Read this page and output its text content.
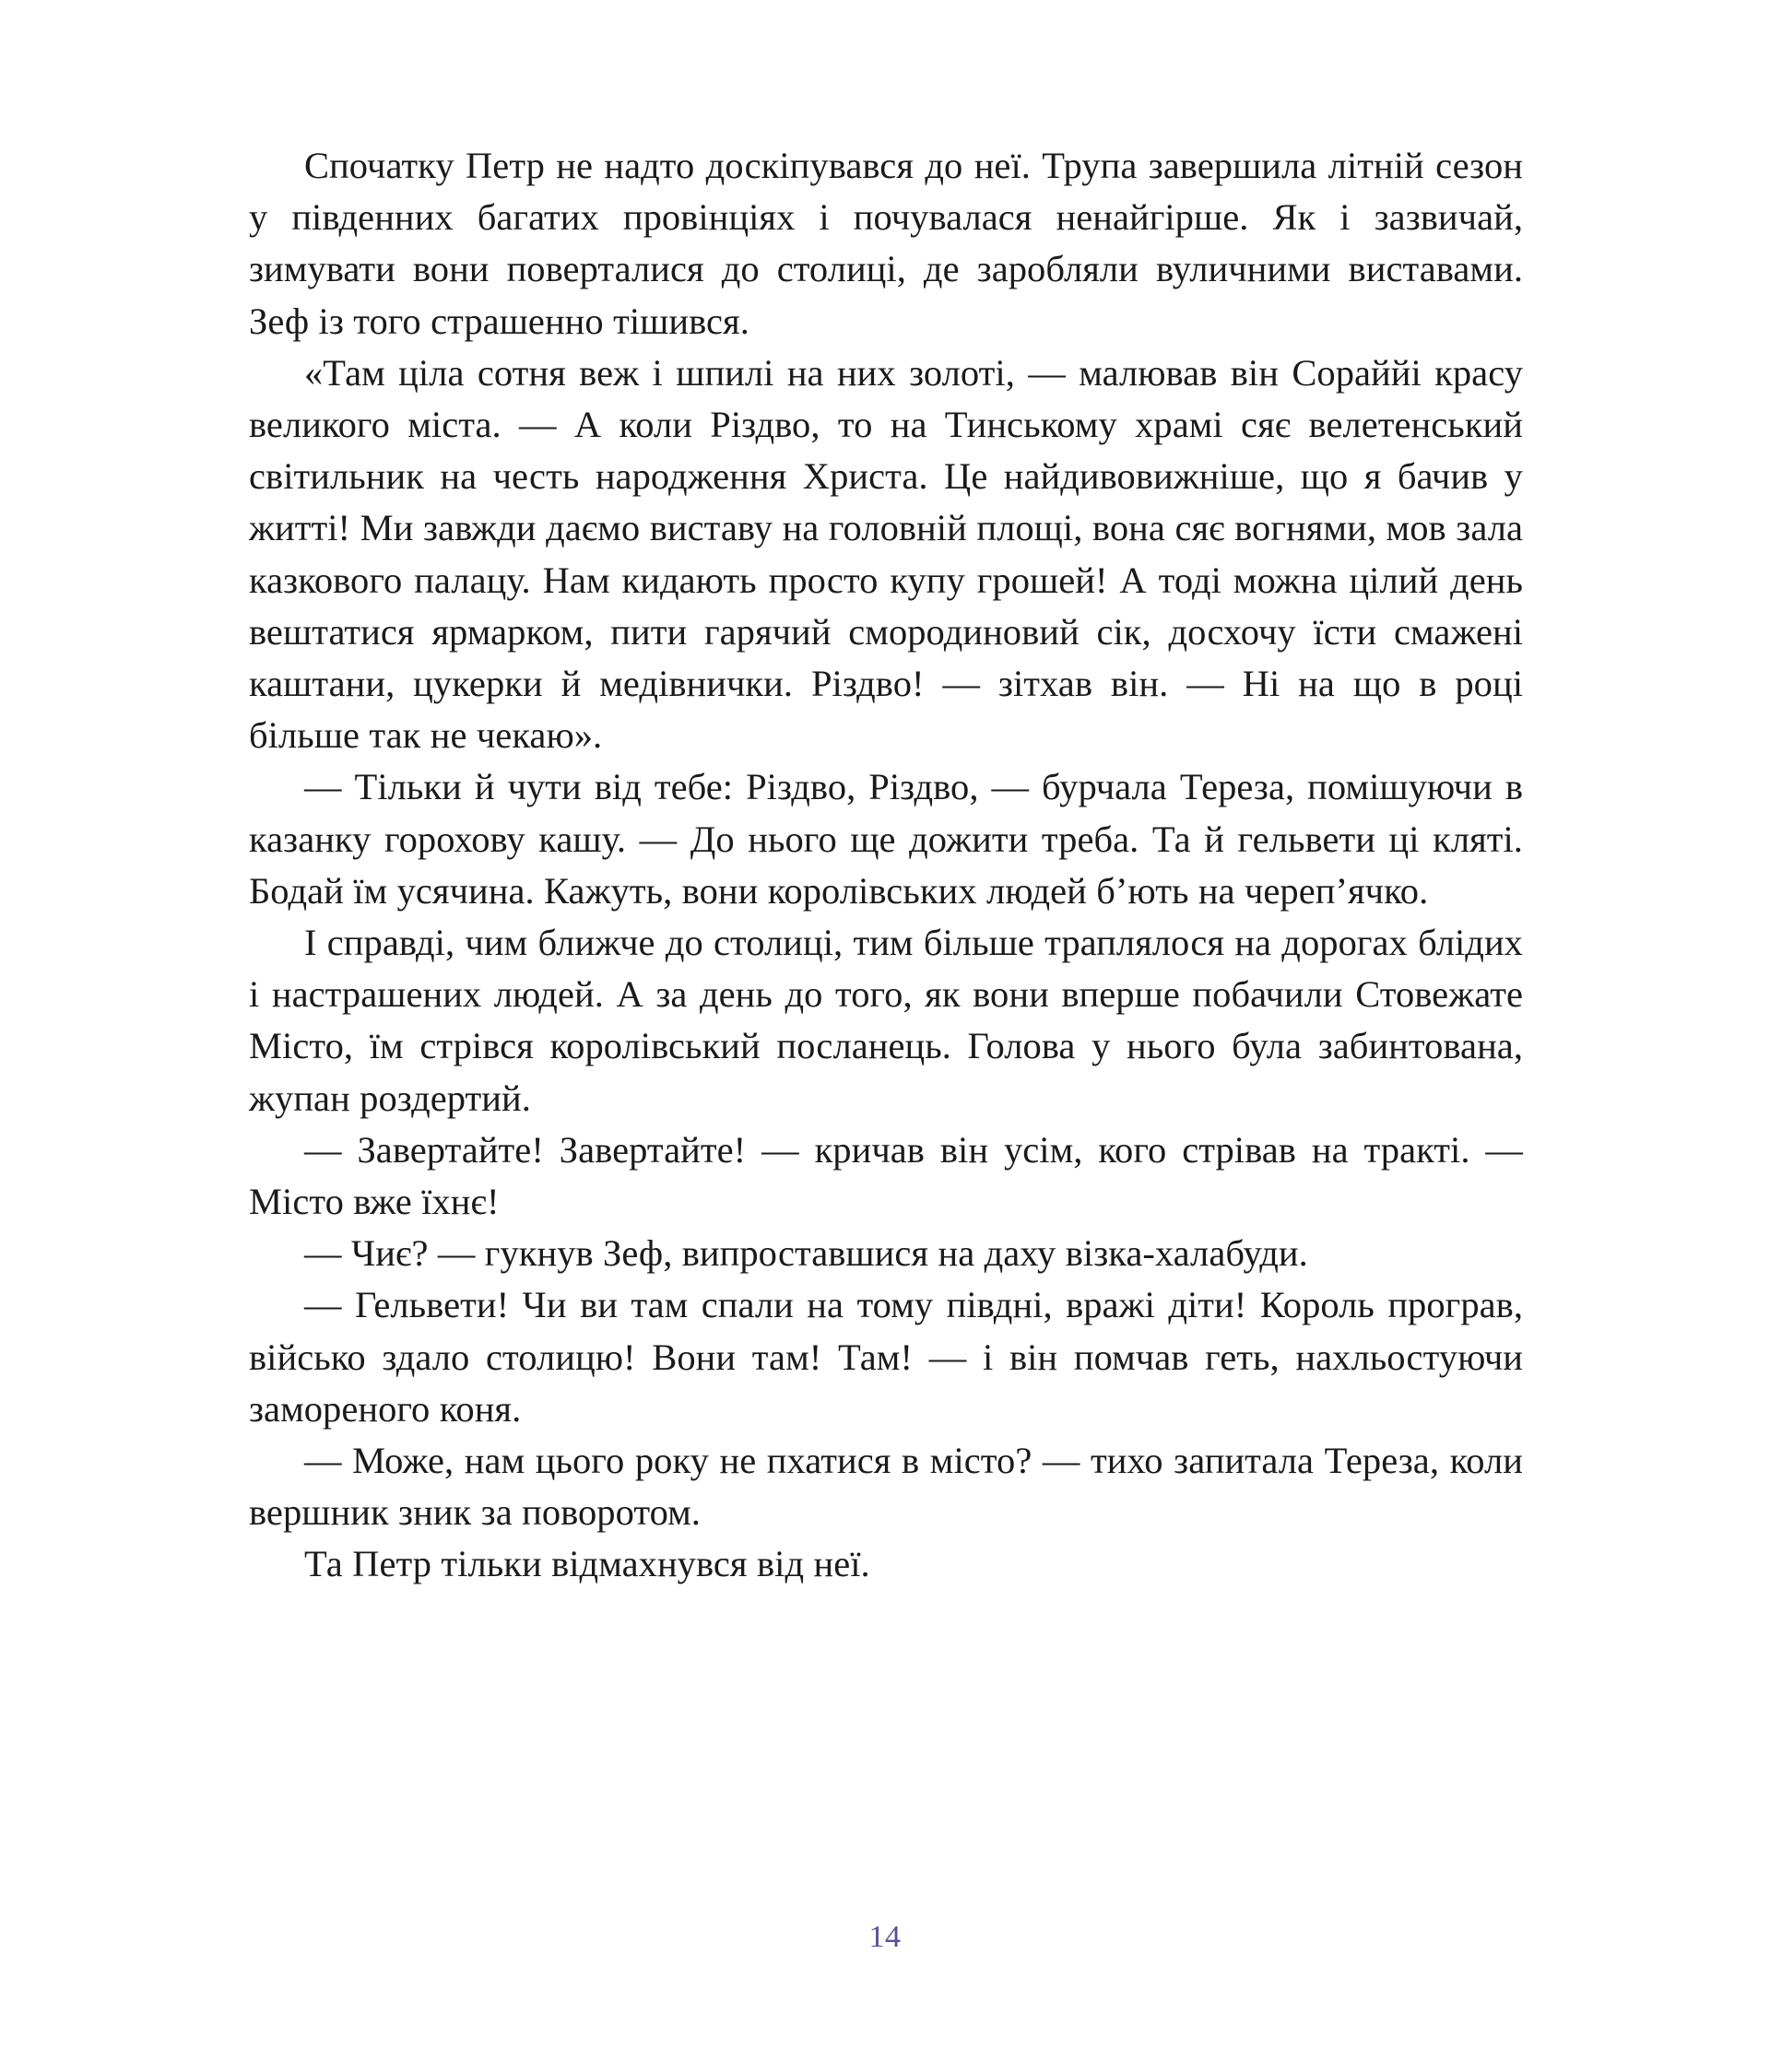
Спочатку Петр не надто доскіпувався до неї. Трупа завершила літній сезон у південних багатих провінціях і почувалася ненайгірше. Як і зазвичай, зимувати вони поверталися до столиці, де заробляли вуличними виставами. Зеф із того страшенно тішився.

«Там ціла сотня веж і шпилі на них золоті, — малював він Сораййі красу великого міста. — А коли Різдво, то на Тинському храмі сяє велетенський світильник на честь народження Христа. Це найдивовижніше, що я бачив у житті! Ми завжди даємо виставу на головній площі, вона сяє вогнями, мов зала казкового палацу. Нам кидають просто купу грошей! А тоді можна цілий день вештатися ярмарком, пити гарячий смородиновий сік, досхочу їсти смажені каштани, цукерки й медівнички. Різдво! — зітхав він. — Ні на що в році більше так не чекаю».

— Тільки й чути від тебе: Різдво, Різдво, — бурчала Тереза, помішуючи в казанку горохову кашу. — До нього ще дожити треба. Та й гельвети ці кляті. Бодай їм усячина. Кажуть, вони королівських людей б’ють на череп’ячко.

І справді, чим ближче до столиці, тим більше траплялося на дорогах блідих і настрашених людей. А за день до того, як вони вперше побачили Стовежате Місто, їм стрівся королівський посланець. Голова у нього була забинтована, жупан роздертий.

— Завертайте! Завертайте! — кричав він усім, кого стрівав на тракті. — Місто вже їхнє!

— Чиє? — гукнув Зеф, випроставшися на даху візка-халабуди.

— Гельвети! Чи ви там спали на тому півдні, вражі діти! Король програв, військо здало столицю! Вони там! Там! — і він помчав геть, нахльостуючи замореного коня.

— Може, нам цього року не пхатися в місто? — тихо запитала Тереза, коли вершник зник за поворотом.

Та Петр тільки відмахнувся від неї.

14
